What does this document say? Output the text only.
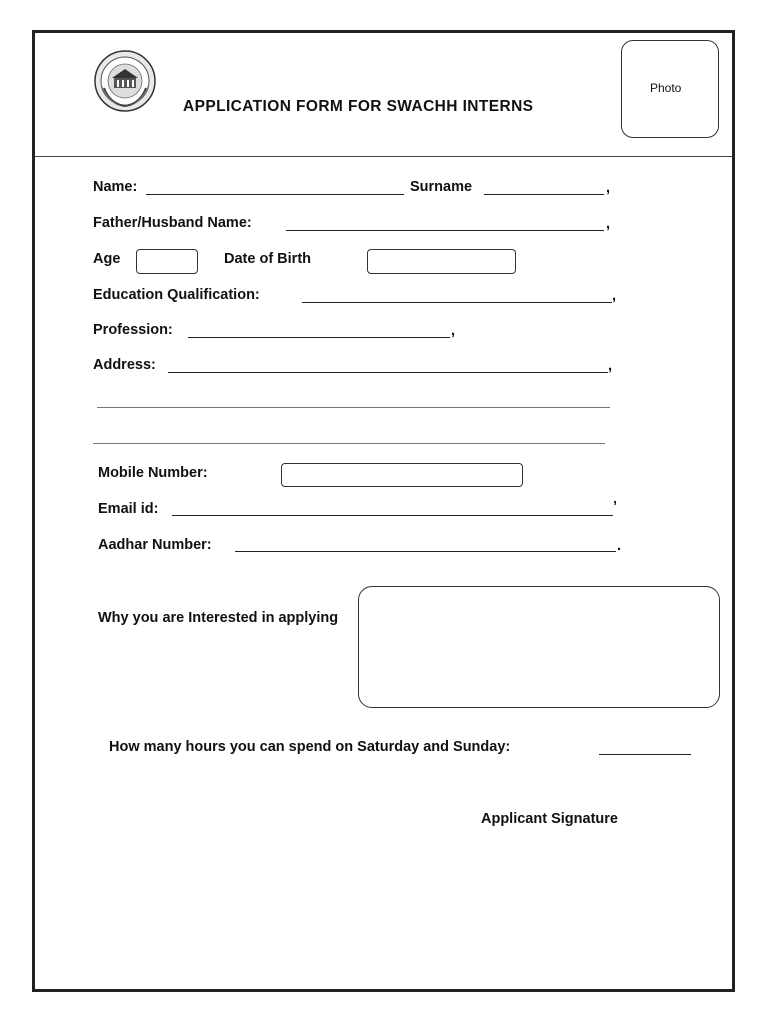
APPLICATION FORM FOR SWACHH INTERNS
Photo
Name:	Surname	,
Father/Husband Name:	,
Age	Date of Birth
Education Qualification:	,
Profession:	,
Address:	,
Mobile Number:
Email id:	’
Aadhar Number:	.
Why you are Interested in applying
How many hours you can spend on Saturday and Sunday:
Applicant Signature
